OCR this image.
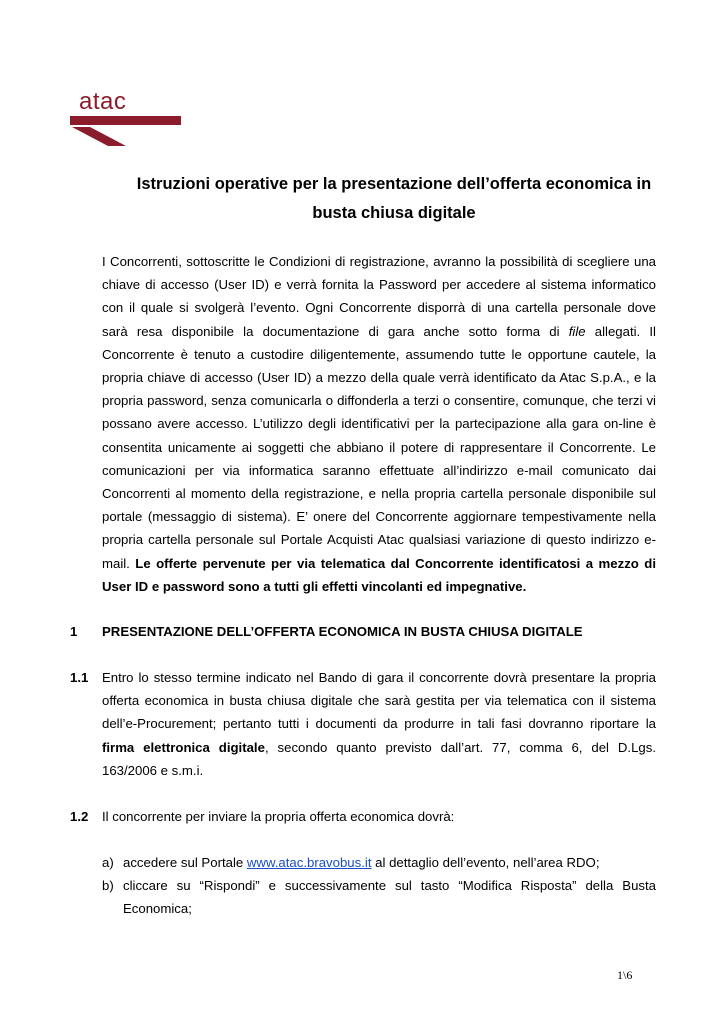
atac
Istruzioni operative per la presentazione dell’offerta economica in
busta chiusa digitale
I Concorrenti, sottoscritte le Condizioni di registrazione, avranno la possibilità di scegliere una chiave di accesso (User ID) e verrà fornita la Password per accedere al sistema informatico con il quale si svolgerà l’evento. Ogni Concorrente disporrà di una cartella personale dove sarà resa disponibile la documentazione di gara anche sotto forma di file allegati. Il Concorrente è tenuto a custodire diligentemente, assumendo tutte le opportune cautele, la propria chiave di accesso (User ID) a mezzo della quale verrà identificato da Atac S.p.A., e la propria password, senza comunicarla o diffonderla a terzi o consentire, comunque, che terzi vi possano avere accesso. L’utilizzo degli identificativi per la partecipazione alla gara on-line è consentita unicamente ai soggetti che abbiano il potere di rappresentare il Concorrente. Le comunicazioni per via informatica saranno effettuate all’indirizzo e-mail comunicato dai Concorrenti al momento della registrazione, e nella propria cartella personale disponibile sul portale (messaggio di sistema). E’ onere del Concorrente aggiornare tempestivamente nella propria cartella personale sul Portale Acquisti Atac qualsiasi variazione di questo indirizzo e-mail. Le offerte pervenute per via telematica dal Concorrente identificatosi a mezzo di User ID e password sono a tutti gli effetti vincolanti ed impegnative.
1	PRESENTAZIONE DELL’OFFERTA ECONOMICA IN BUSTA CHIUSA DIGITALE
1.1	Entro lo stesso termine indicato nel Bando di gara il concorrente dovrà presentare la propria offerta economica in busta chiusa digitale che sarà gestita per via telematica con il sistema dell’e-Procurement; pertanto tutti i documenti da produrre in tali fasi dovranno riportare la firma elettronica digitale, secondo quanto previsto dall’art. 77, comma 6, del D.Lgs. 163/2006 e s.m.i.
1.2	Il concorrente per inviare la propria offerta economica dovrà:
a) accedere sul Portale www.atac.bravobus.it al dettaglio dell’evento, nell’area RDO;
b) cliccare su “Rispondi” e successivamente sul tasto “Modifica Risposta” della Busta Economica;
1\6
